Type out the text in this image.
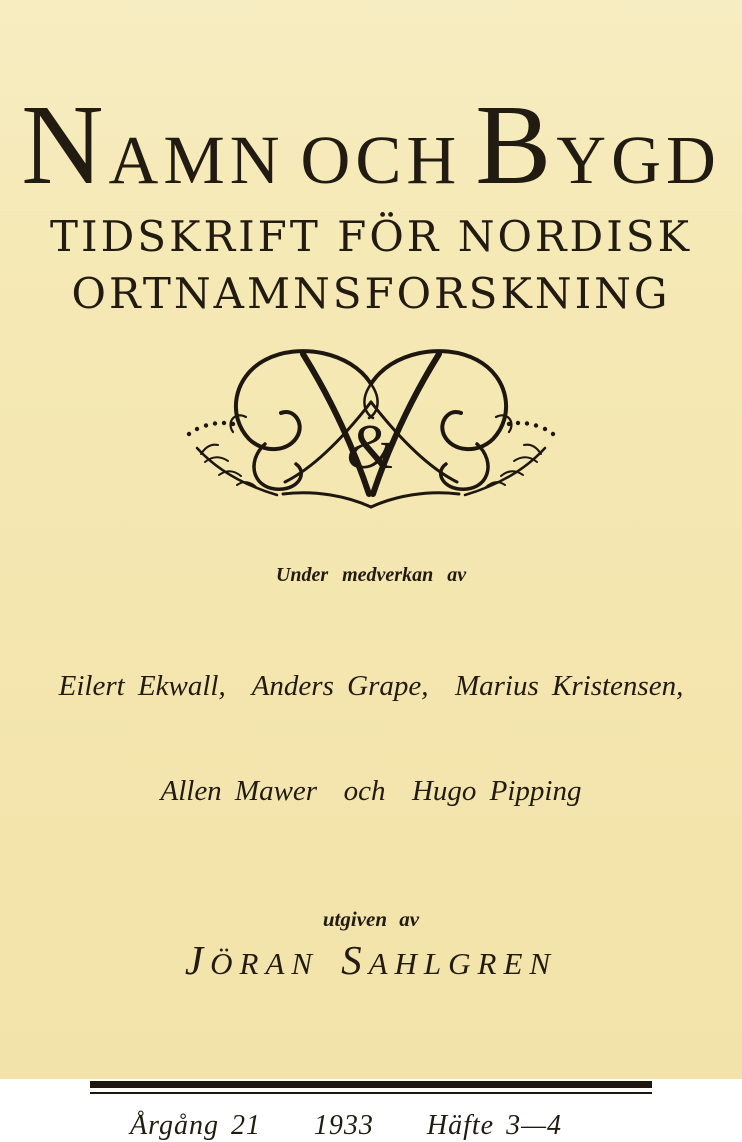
NAMN OCH BYGD
TIDSKRIFT FÖR NORDISK
ORTNAMNSFORSKNING
&
Under medverkan av

Eilert Ekwall,  Anders Grape,  Marius Kristensen,

Allen Mawer  och  Hugo Pipping

utgiven av
JÖRAN SAHLGREN
Årgång 21 1933 Häfte 3—4
